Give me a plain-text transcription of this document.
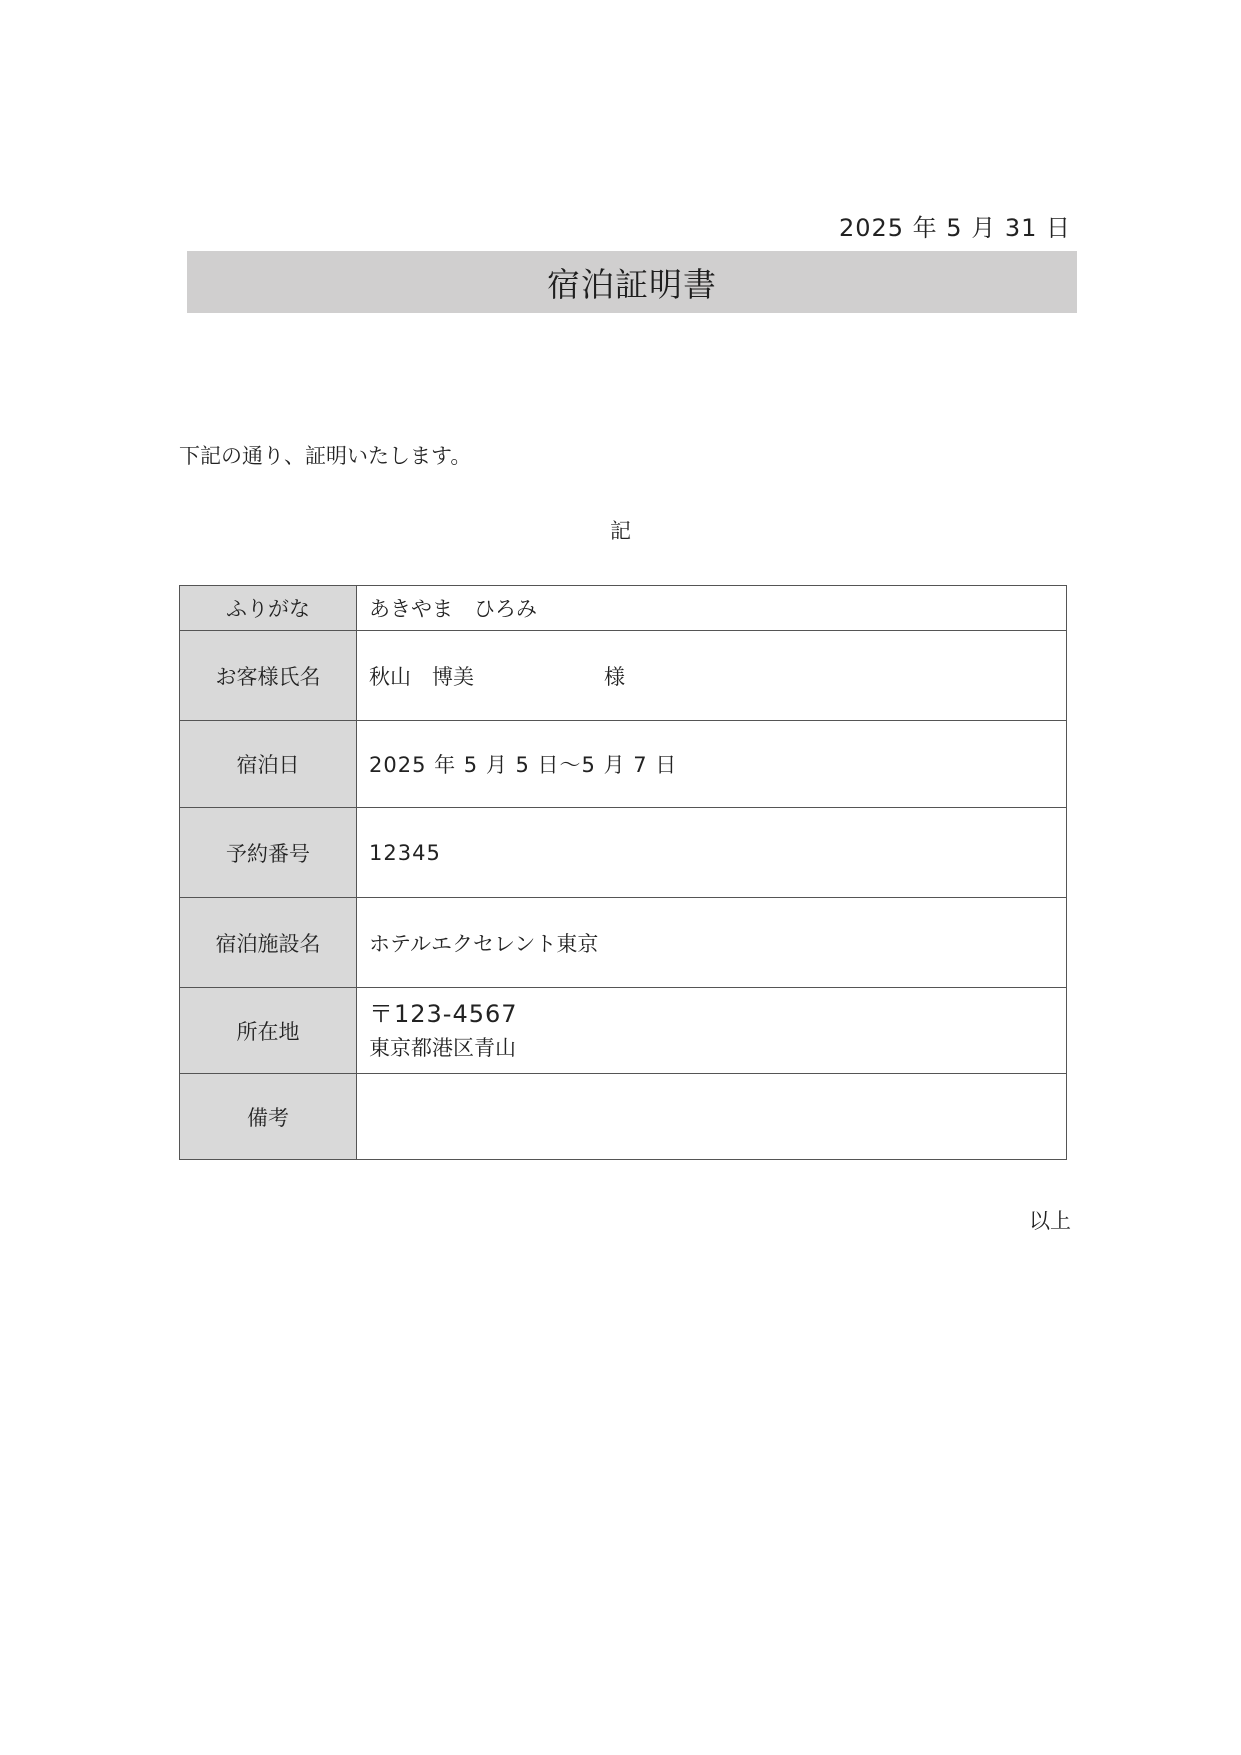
2025 年 5 月 31 日
宿泊証明書
下記の通り、証明いたします。
記
ふりがな	あきやま　ひろみ
お客様氏名	秋山　博美 様
宿泊日	2025 年 5 月 5 日～5 月 7 日
予約番号	12345
宿泊施設名	ホテルエクセレント東京
所在地	〒123-4567
東京都港区青山

備考	
以上
